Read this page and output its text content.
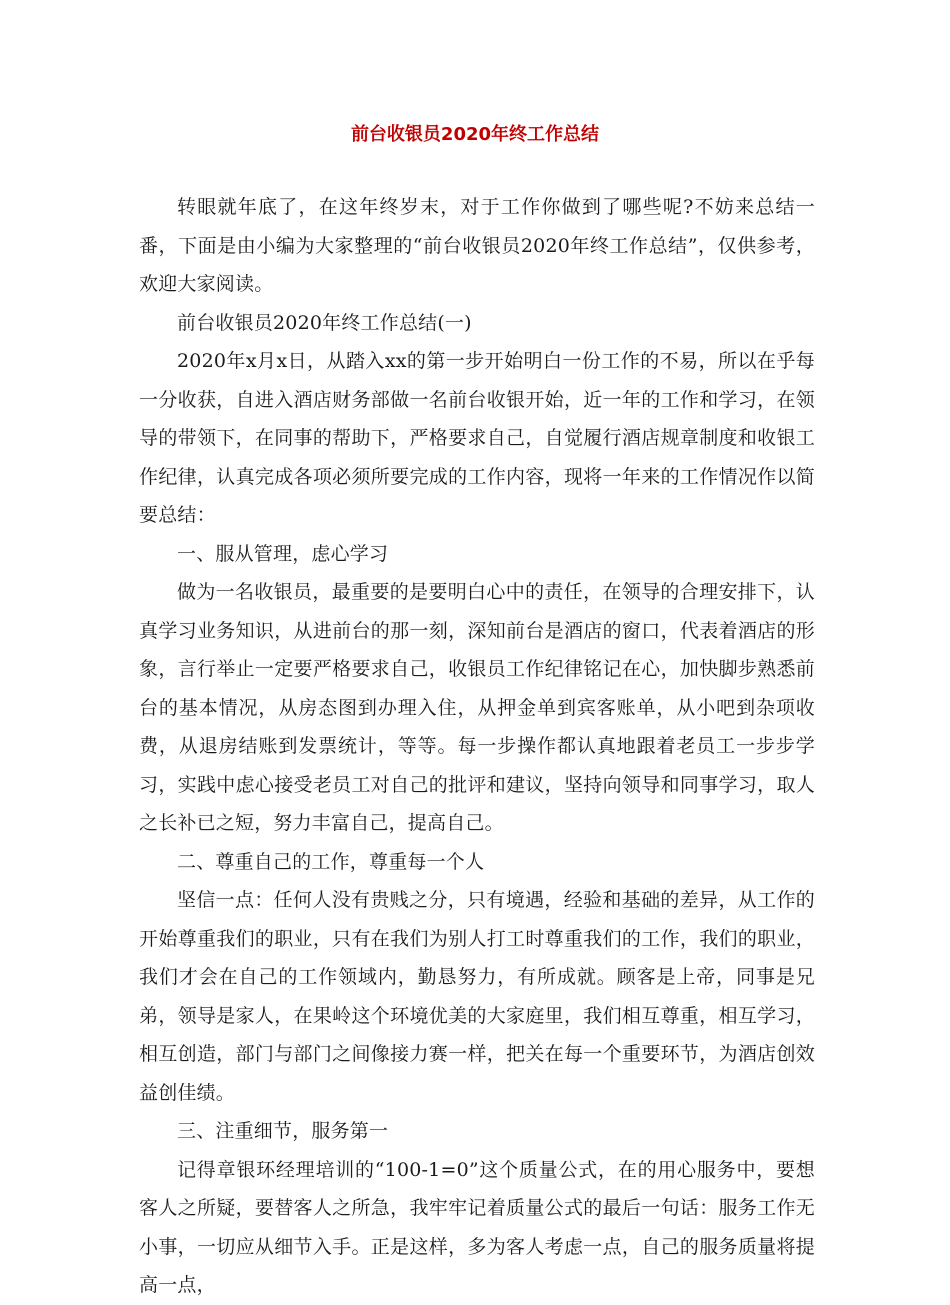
前台收银员2020年终工作总结

转眼就年底了，在这年终岁末，对于工作你做到了哪些呢?不妨来总结一番，下面是由小编为大家整理的“前台收银员2020年终工作总结”，仅供参考，欢迎大家阅读。

前台收银员2020年终工作总结(一)

2020年x月x日，从踏入xx的第一步开始明白一份工作的不易，所以在乎每一分收获，自进入酒店财务部做一名前台收银开始，近一年的工作和学习，在领导的带领下，在同事的帮助下，严格要求自己，自觉履行酒店规章制度和收银工作纪律，认真完成各项必须所要完成的工作内容，现将一年来的工作情况作以简要总结：

一、服从管理，虑心学习

做为一名收银员，最重要的是要明白心中的责任，在领导的合理安排下，认真学习业务知识，从进前台的那一刻，深知前台是酒店的窗口，代表着酒店的形象，言行举止一定要严格要求自己，收银员工作纪律铭记在心，加快脚步熟悉前台的基本情况，从房态图到办理入住，从押金单到宾客账单，从小吧到杂项收费，从退房结账到发票统计，等等。每一步操作都认真地跟着老员工一步步学习，实践中虑心接受老员工对自己的批评和建议，坚持向领导和同事学习，取人之长补已之短，努力丰富自己，提高自己。

二、尊重自己的工作，尊重每一个人

坚信一点：任何人没有贵贱之分，只有境遇，经验和基础的差异，从工作的开始尊重我们的职业，只有在我们为别人打工时尊重我们的工作，我们的职业，我们才会在自己的工作领域内，勤恳努力，有所成就。顾客是上帝，同事是兄弟，领导是家人，在果岭这个环境优美的大家庭里，我们相互尊重，相互学习，相互创造，部门与部门之间像接力赛一样，把关在每一个重要环节，为酒店创效益创佳绩。

三、注重细节，服务第一

记得章银环经理培训的“100-1=0”这个质量公式，在的用心服务中，要想客人之所疑，要替客人之所急，我牢牢记着质量公式的最后一句话：服务工作无小事，一切应从细节入手。正是这样，多为客人考虑一点，自己的服务质量将提高一点，
